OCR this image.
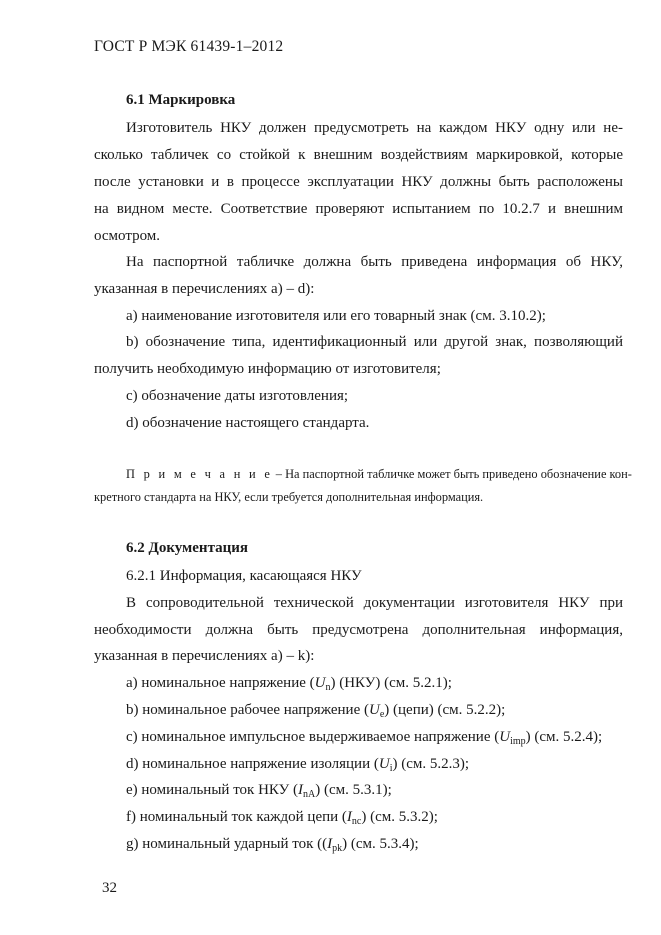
ГОСТ Р МЭК 61439-1–2012
6.1 Маркировка
Изготовитель НКУ должен предусмотреть на каждом НКУ одну или не-
сколько табличек со стойкой к внешним воздействиям маркировкой, которые
после установки и в процессе эксплуатации НКУ должны быть расположены
на видном месте. Соответствие проверяют испытанием по 10.2.7 и внешним
осмотром.
На паспортной табличке должна быть приведена информация об НКУ,
указанная в перечислениях а) – d):
а) наименование изготовителя или его товарный знак (см. 3.10.2);
b) обозначение типа, идентификационный или другой знак, позволяющий
получить необходимую информацию от изготовителя;
с) обозначение даты изготовления;
d) обозначение настоящего стандарта.
П р и м е ч а н и е – На паспортной табличке может быть приведено обозначение кон-
кретного стандарта на НКУ, если требуется дополнительная информация.
6.2 Документация
6.2.1 Информация, касающаяся НКУ
В сопроводительной технической документации изготовителя НКУ при
необходимости должна быть предусмотрена дополнительная информация,
указанная в перечислениях а) – k):
а) номинальное напряжение $(U_n)$ (НКУ) (см. 5.2.1);
b) номинальное рабочее напряжение $(U_e)$ (цепи) (см. 5.2.2);
с) номинальное импульсное выдерживаемое напряжение $(U_{imp})$ (см. 5.2.4);
d) номинальное напряжение изоляции $(U_i)$ (см. 5.2.3);
е) номинальный ток НКУ $(I_{nA})$ (см. 5.3.1);
f) номинальный ток каждой цепи $(I_{nc})$ (см. 5.3.2);
g) номинальный ударный ток ($(I_{pk})$ (см. 5.3.4);
32
